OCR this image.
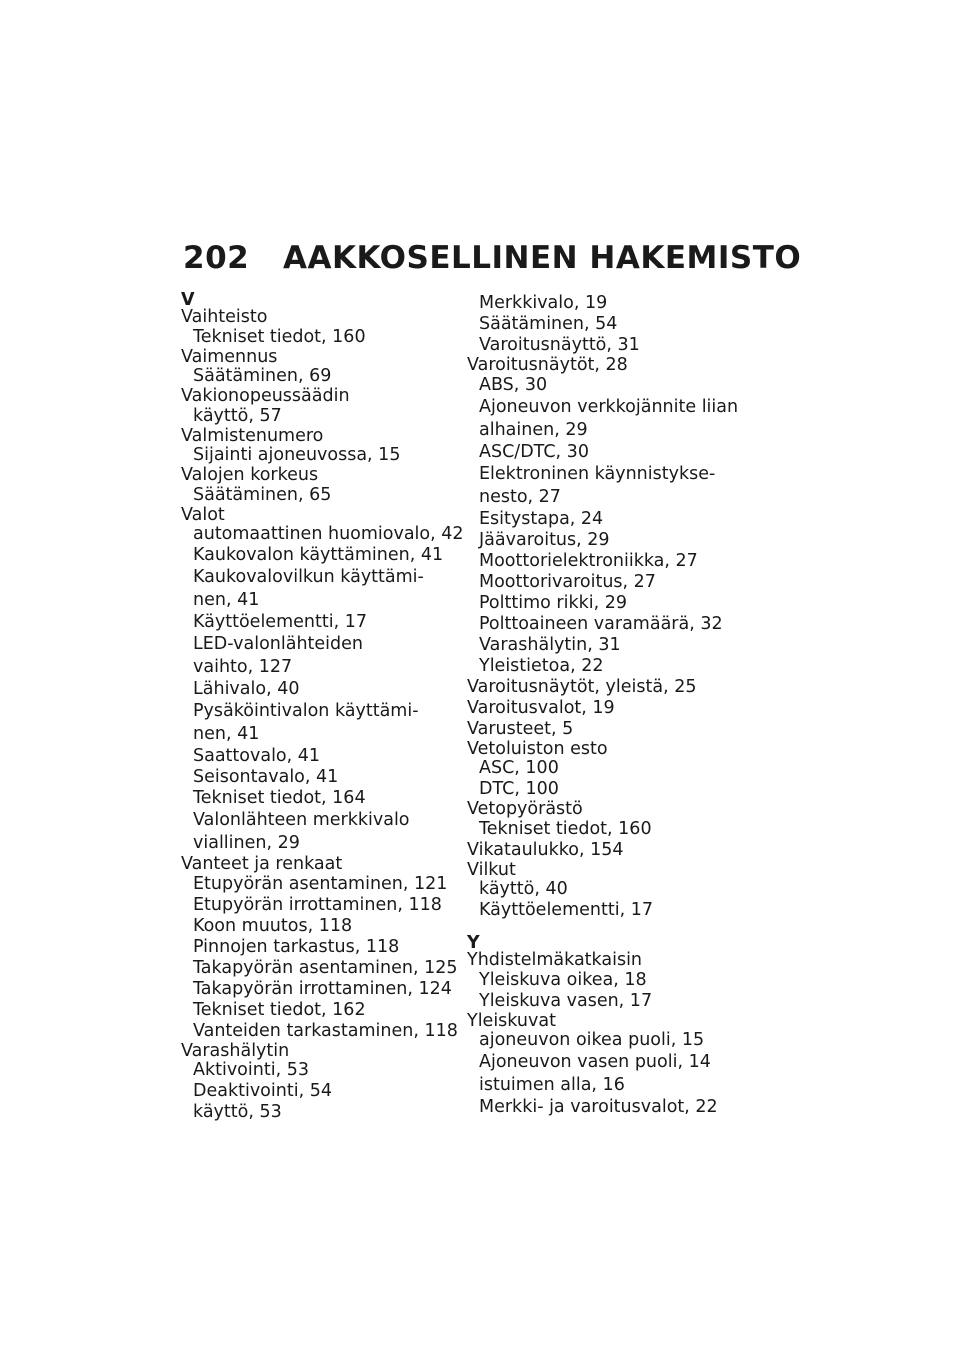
202 AAKKOSELLINEN HAKEMISTO
V
Vaihteisto
Tekniset tiedot, 160
Vaimennus
Säätäminen, 69
Vakionopeussäädin
käyttö, 57
Valmistenumero
Sijainti ajoneuvossa, 15
Valojen korkeus
Säätäminen, 65
Valot
automaattinen huomiovalo, 42
Kaukovalon käyttäminen, 41
Kaukovalovilkun käyttämi-
nen, 41
Käyttöelementti, 17
LED-valonlähteiden
vaihto, 127
Lähivalo, 40
Pysäköintivalon käyttämi-
nen, 41
Saattovalo, 41
Seisontavalo, 41
Tekniset tiedot, 164
Valonlähteen merkkivalo
viallinen, 29
Vanteet ja renkaat
Etupyörän asentaminen, 121
Etupyörän irrottaminen, 118
Koon muutos, 118
Pinnojen tarkastus, 118
Takapyörän asentaminen, 125
Takapyörän irrottaminen, 124
Tekniset tiedot, 162
Vanteiden tarkastaminen, 118
Varashälytin
Aktivointi, 53
Deaktivointi, 54
käyttö, 53
Merkkivalo, 19
Säätäminen, 54
Varoitusnäyttö, 31
Varoitusnäytöt, 28
ABS, 30
Ajoneuvon verkkojännite liian
alhainen, 29
ASC/DTC, 30
Elektroninen käynnistykse-
nesto, 27
Esitystapa, 24
Jäävaroitus, 29
Moottorielektroniikka, 27
Moottorivaroitus, 27
Polttimo rikki, 29
Polttoaineen varamäärä, 32
Varashälytin, 31
Yleistietoa, 22
Varoitusnäytöt, yleistä, 25
Varoitusvalot, 19
Varusteet, 5
Vetoluiston esto
ASC, 100
DTC, 100
Vetopyörästö
Tekniset tiedot, 160
Vikataulukko, 154
Vilkut
käyttö, 40
Käyttöelementti, 17
Y
Yhdistelmäkatkaisin
Yleiskuva oikea, 18
Yleiskuva vasen, 17
Yleiskuvat
ajoneuvon oikea puoli, 15
Ajoneuvon vasen puoli, 14
istuimen alla, 16
Merkki- ja varoitusvalot, 22
